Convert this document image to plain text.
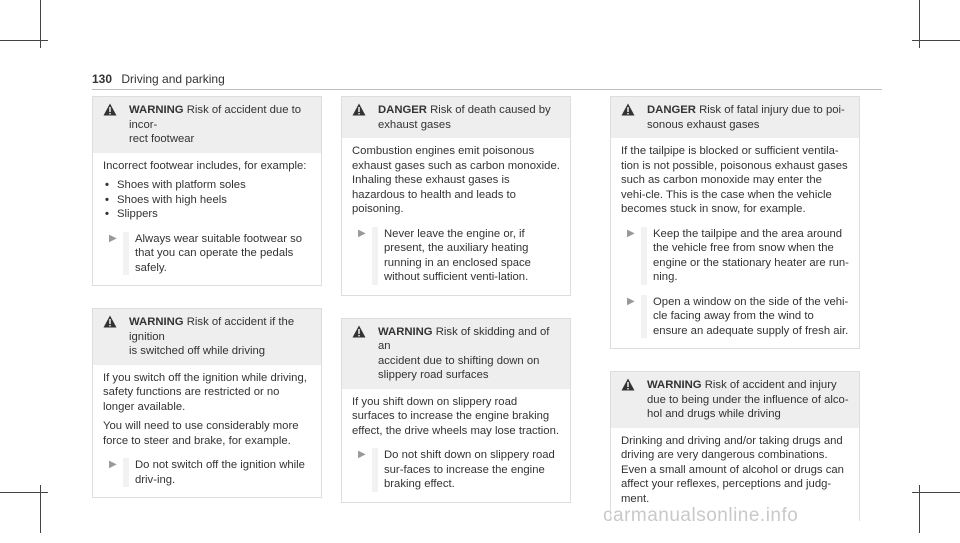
130 Driving and parking
WARNING Risk of accident due to incor-
rect footwear

Incorrect footwear includes, for example:

• Shoes with platform soles
• Shoes with high heels
• Slippers
▶	Always wear suitable footwear so that you can operate the pedals safely.
WARNING Risk of accident if the ignition
is switched off while driving

If you switch off the ignition while driving, safety functions are restricted or no longer available.

You will need to use considerably more force to steer and brake, for example.

▶	Do not switch off the ignition while driv-ing.
DANGER Risk of death caused by
exhaust gases

Combustion engines emit poisonous exhaust gases such as carbon monoxide. Inhaling these exhaust gases is hazardous to health and leads to poisoning.

▶	Never leave the engine or, if present, the auxiliary heating running in an enclosed space without sufficient venti-lation.
WARNING Risk of skidding and of an
accident due to shifting down on slippery road surfaces

If you shift down on slippery road surfaces to increase the engine braking effect, the drive wheels may lose traction.

▶	Do not shift down on slippery road sur-faces to increase the engine braking effect.
DANGER Risk of fatal injury due to poi-
sonous exhaust gases

If the tailpipe is blocked or sufficient ventila-tion is not possible, poisonous exhaust gases such as carbon monoxide may enter the vehi-cle. This is the case when the vehicle becomes stuck in snow, for example.

▶	Keep the tailpipe and the area around the vehicle free from snow when the engine or the stationary heater are run-ning.
▶	Open a window on the side of the vehi-cle facing away from the wind to ensure an adequate supply of fresh air.
WARNING Risk of accident and injury
due to being under the influence of alco-hol and drugs while driving

Drinking and driving and/or taking drugs and driving are very dangerous combinations. Even a small amount of alcohol or drugs can affect your reflexes, perceptions and judg-ment.

carmanualsonline.info
